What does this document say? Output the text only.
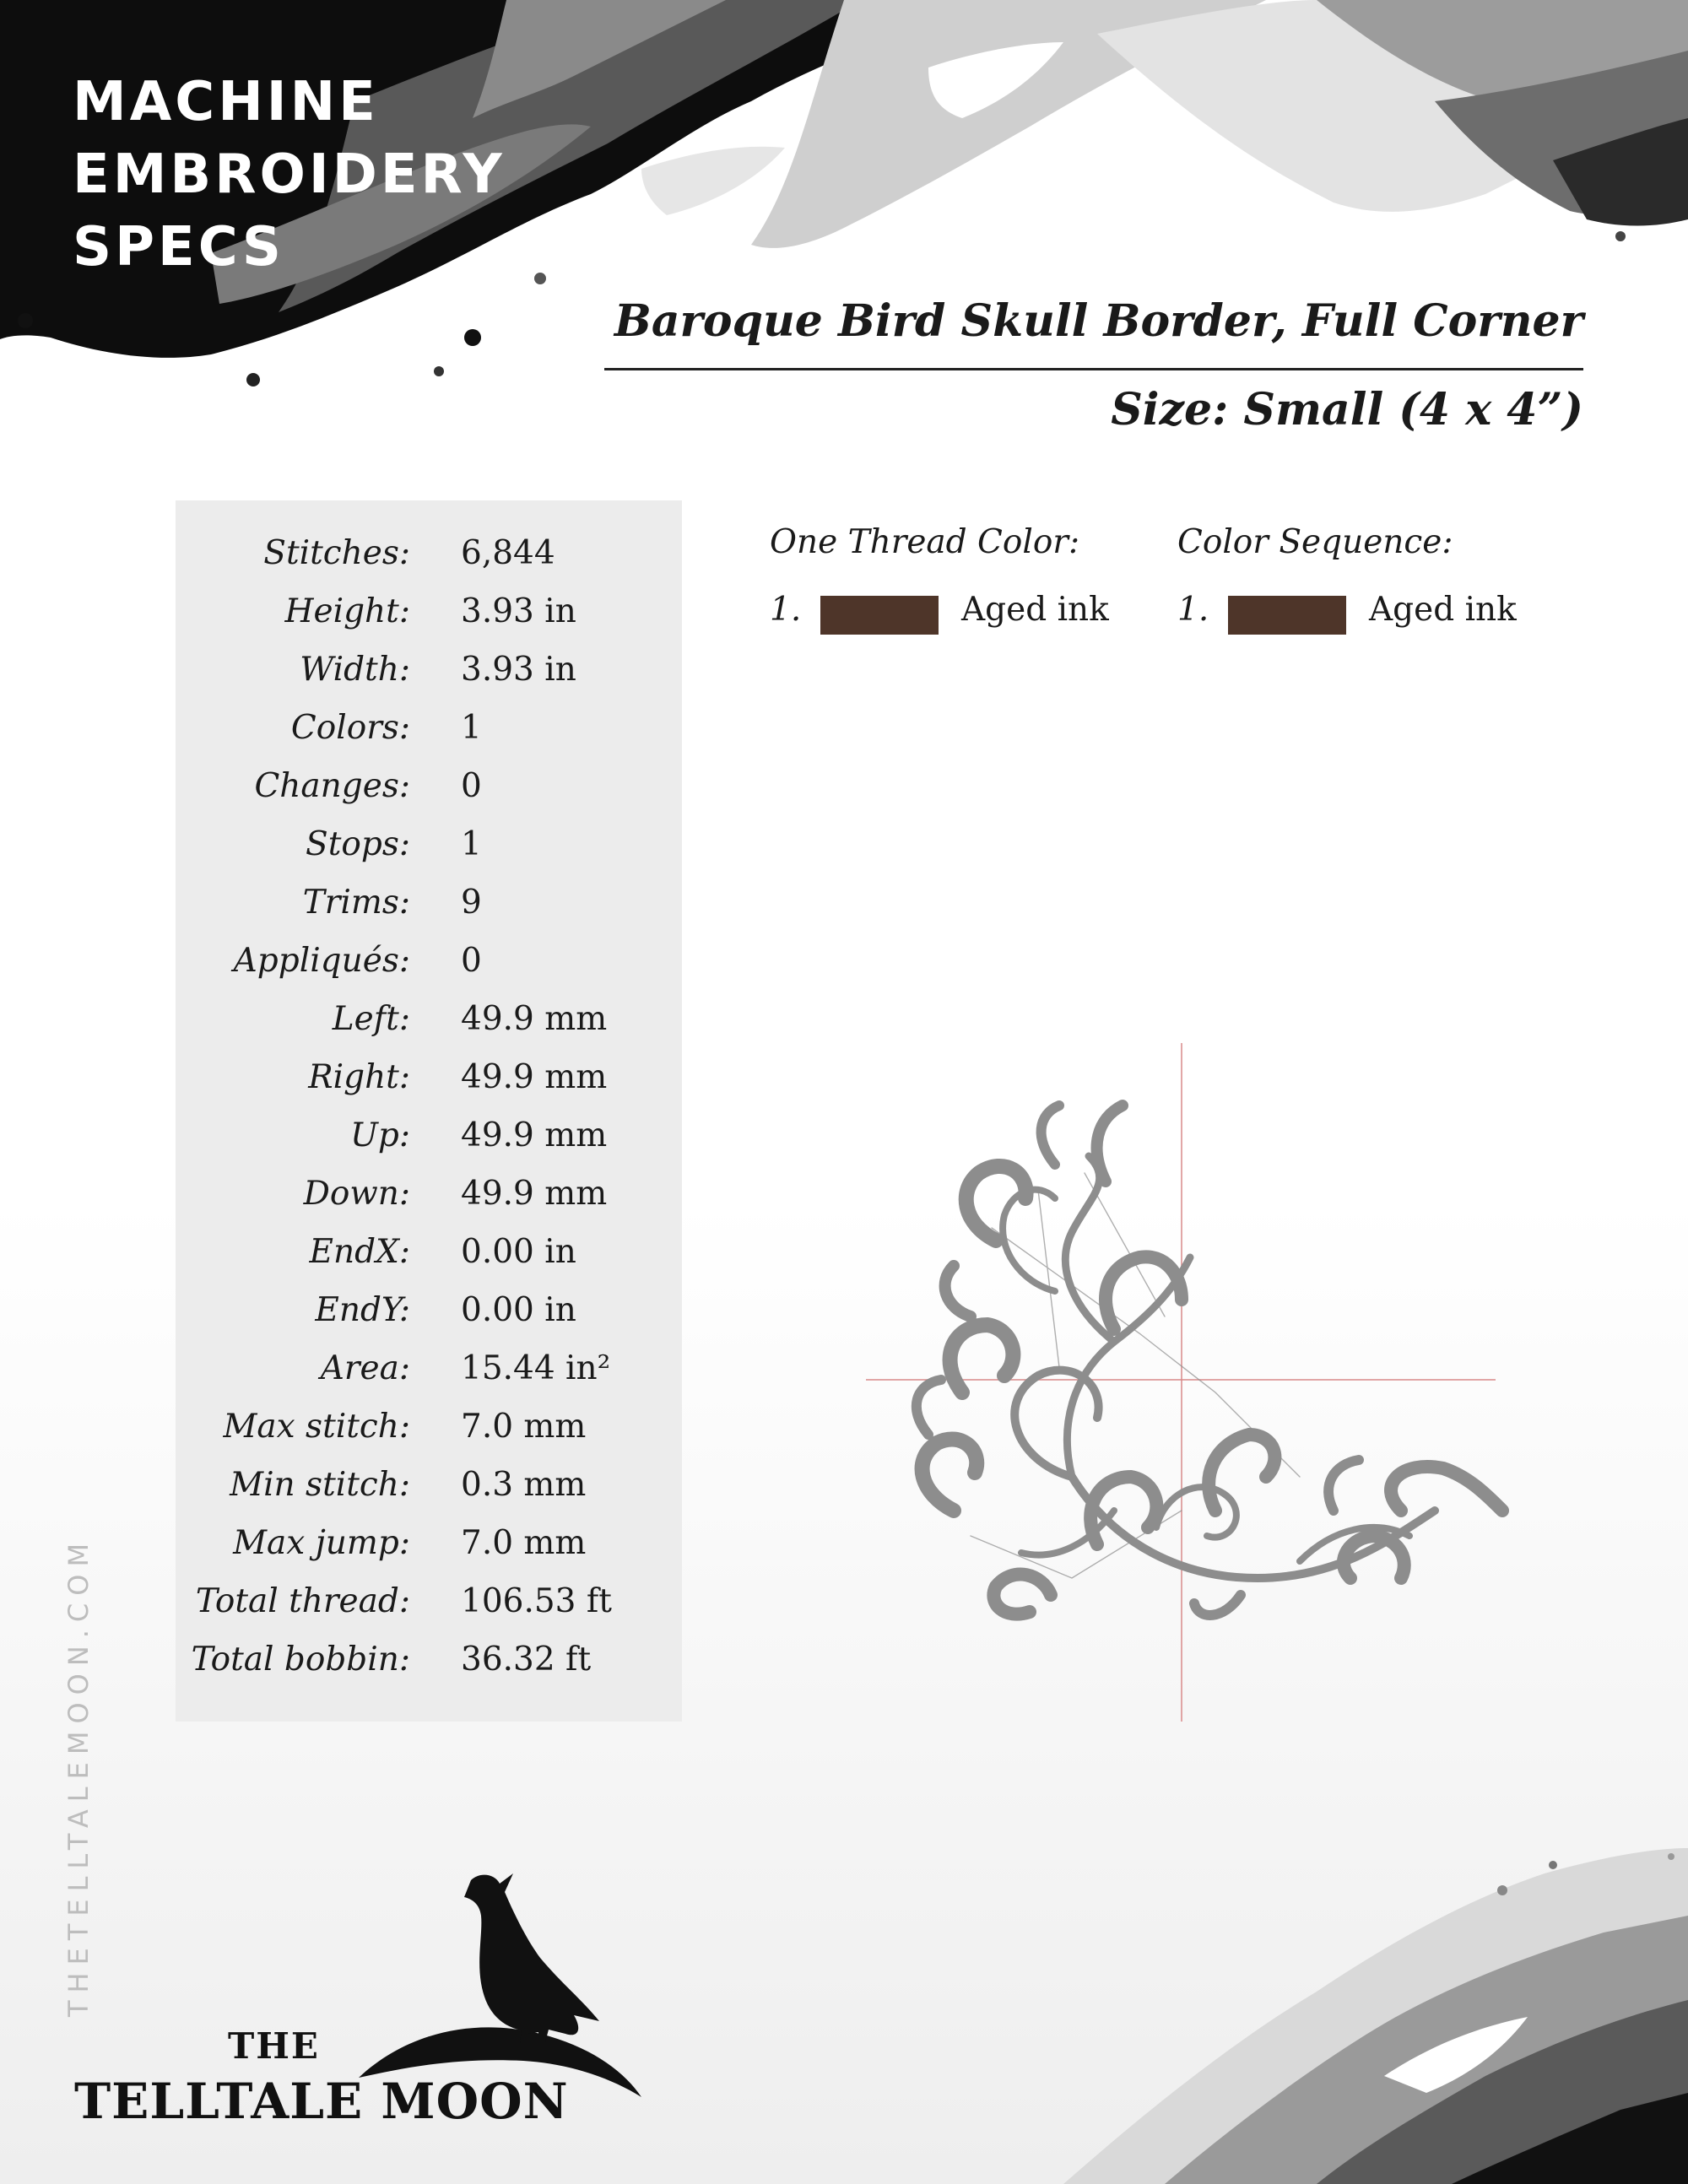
MACHINE
EMBROIDERY
SPECS
Baroque Bird Skull Border, Full Corner
Size: Small (4 x 4”)
Stitches: 6,844
Height: 3.93 in
Width: 3.93 in
Colors: 1
Changes: 0
Stops: 1
Trims: 9
Appliqués: 0
Left: 49.9 mm
Right: 49.9 mm
Up: 49.9 mm
Down: 49.9 mm
EndX: 0.00 in
EndY: 0.00 in
Area: 15.44 in²
Max stitch: 7.0 mm
Min stitch: 0.3 mm
Max jump: 7.0 mm
Total thread: 106.53 ft
Total bobbin: 36.32 ft
One Thread Color:
1.	Aged ink
Color Sequence:
1.	Aged ink
THETELLTALEMOON.COM
THE
TELLTALE MOON
